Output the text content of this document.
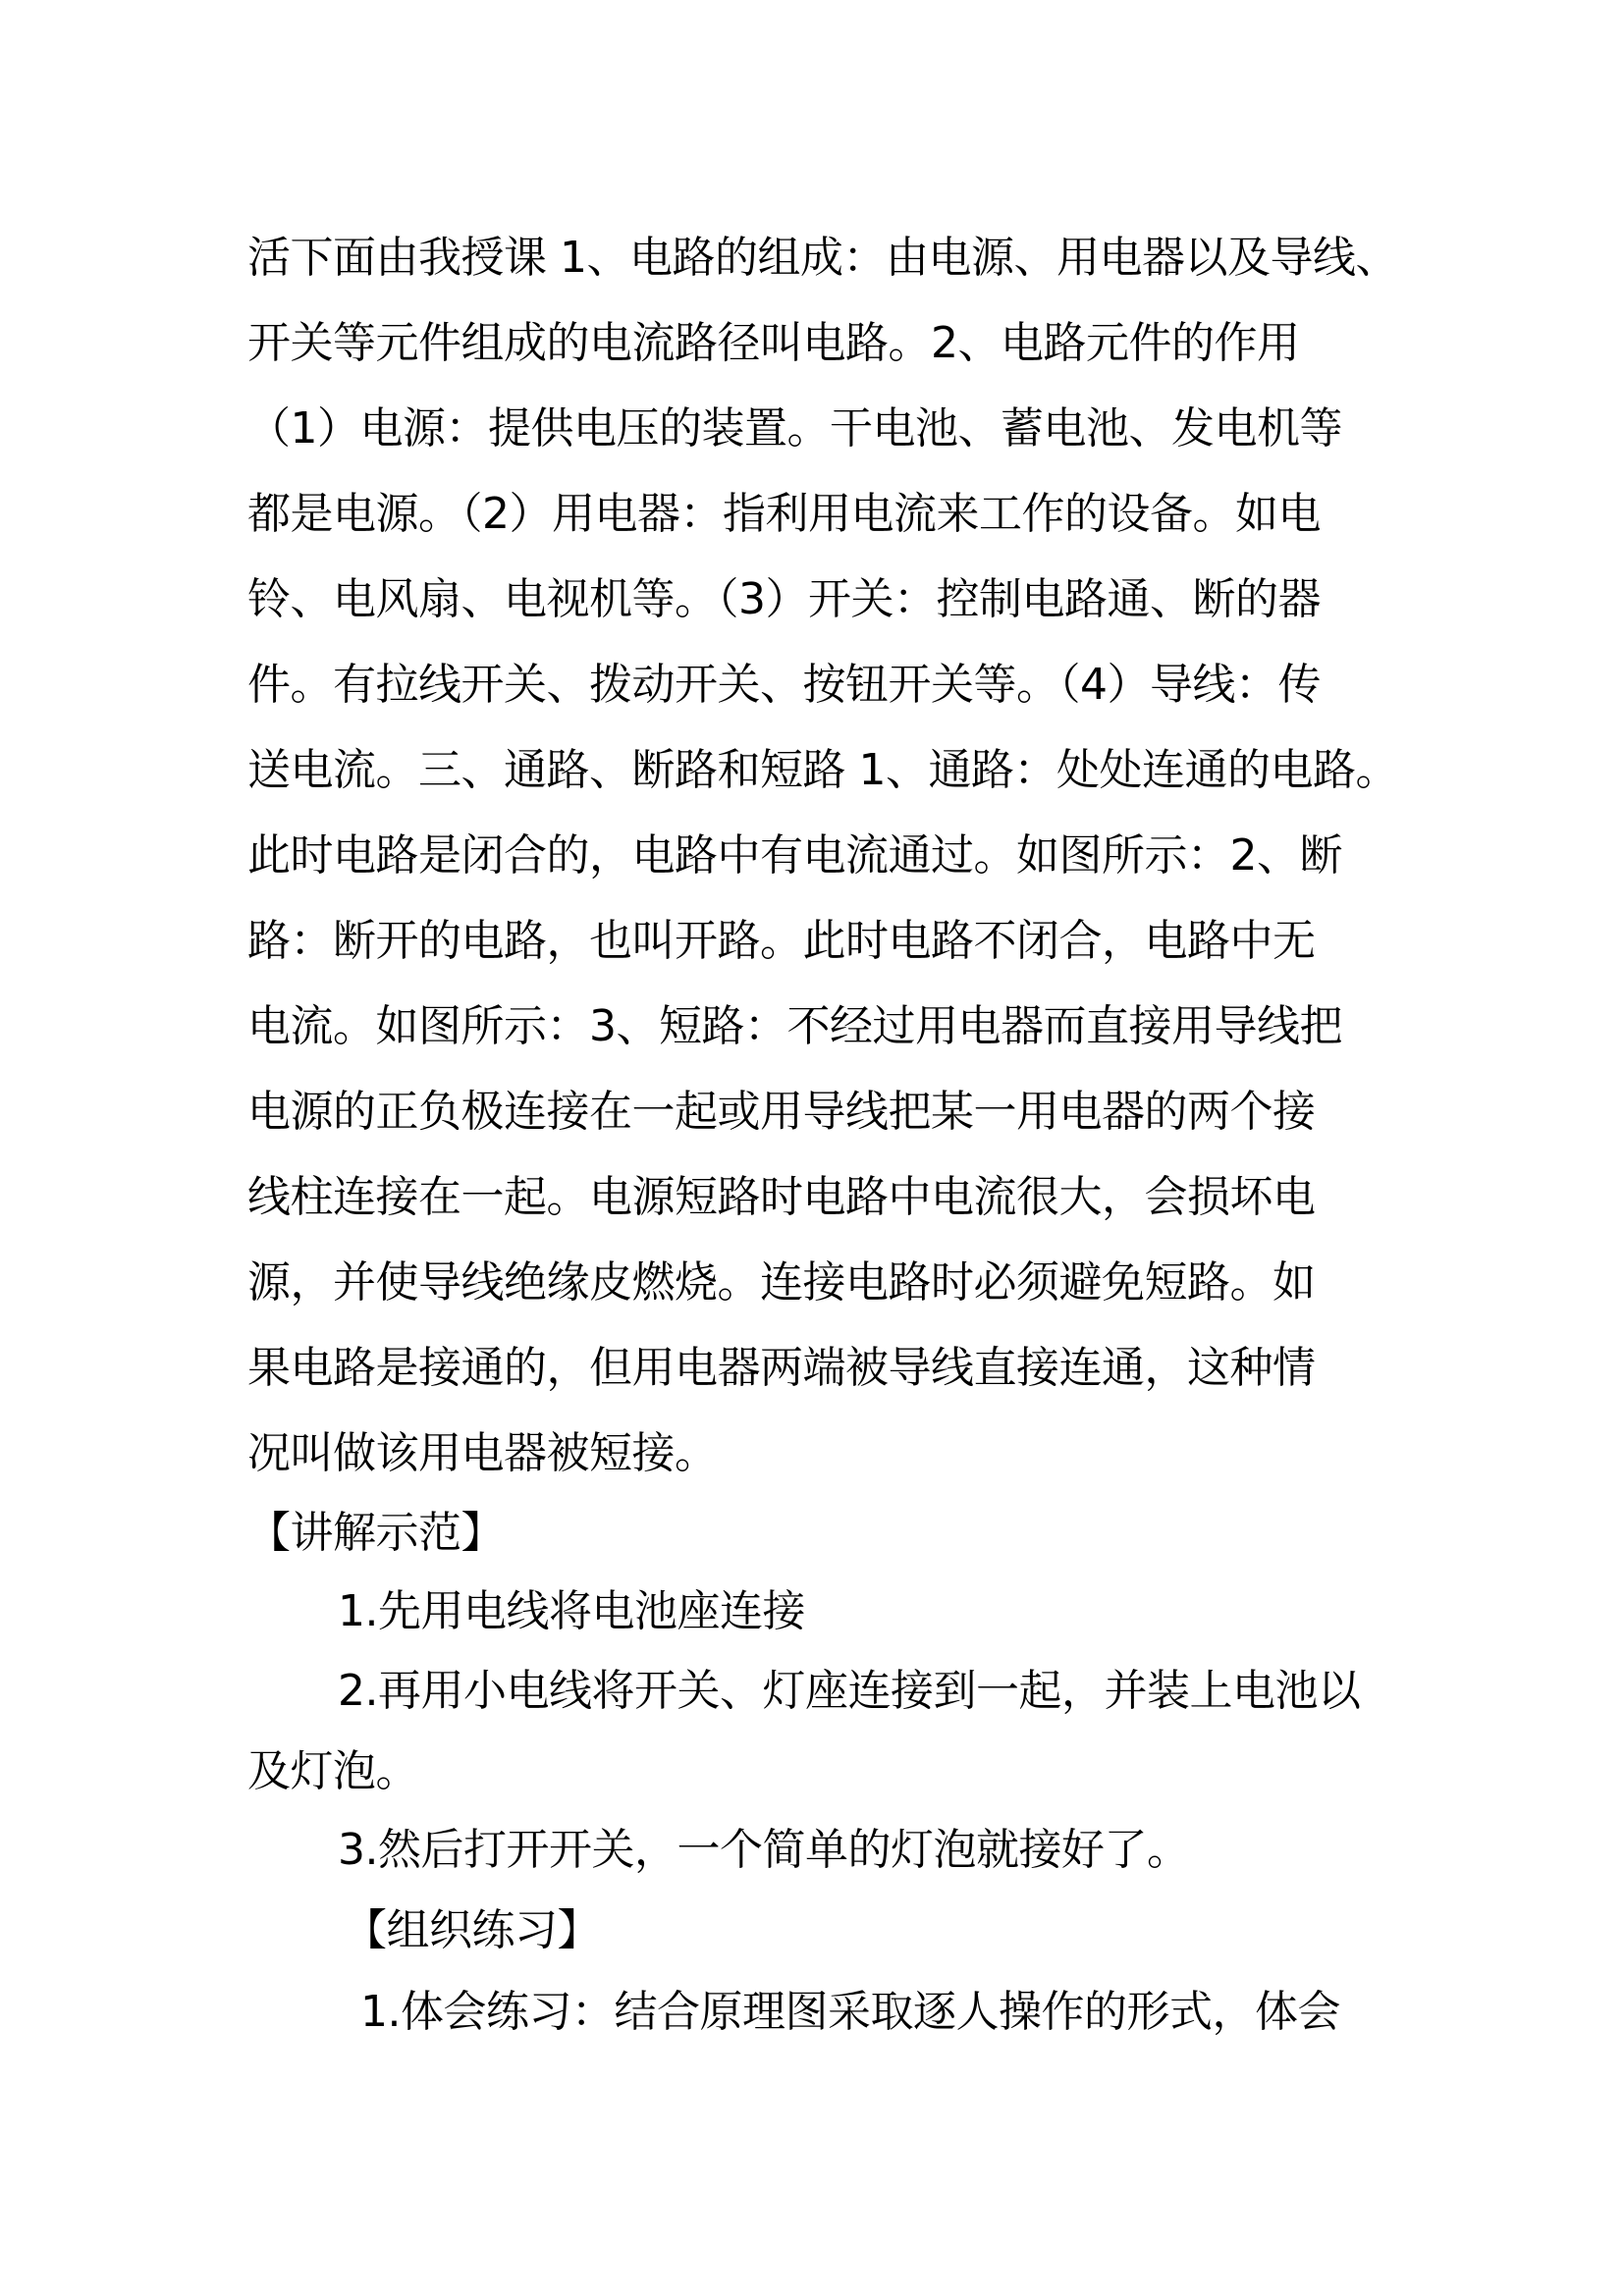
活下面由我授课 1、电路的组成：由电源、用电器以及导线、
开关等元件组成的电流路径叫电路。2、电路元件的作用
（1）电源：提供电压的装置。干电池、蓄电池、发电机等
都是电源。（2）用电器：指利用电流来工作的设备。如电
铃、电风扇、电视机等。（3）开关：控制电路通、断的器
件。有拉线开关、拨动开关、按钮开关等。（4）导线：传
送电流。三、通路、断路和短路 1、通路：处处连通的电路。
此时电路是闭合的，电路中有电流通过。如图所示：2、断
路：断开的电路，也叫开路。此时电路不闭合，电路中无
电流。如图所示：3、短路：不经过用电器而直接用导线把
电源的正负极连接在一起或用导线把某一用电器的两个接
线柱连接在一起。电源短路时电路中电流很大，会损坏电
源，并使导线绝缘皮燃烧。连接电路时必须避免短路。如
果电路是接通的，但用电器两端被导线直接连通，这种情
况叫做该用电器被短接。
【讲解示范】
1.先用电线将电池座连接
2.再用小电线将开关、灯座连接到一起，并装上电池以
及灯泡。
3.然后打开开关，一个简单的灯泡就接好了。
【组织练习】
1.体会练习：结合原理图采取逐人操作的形式，体会
